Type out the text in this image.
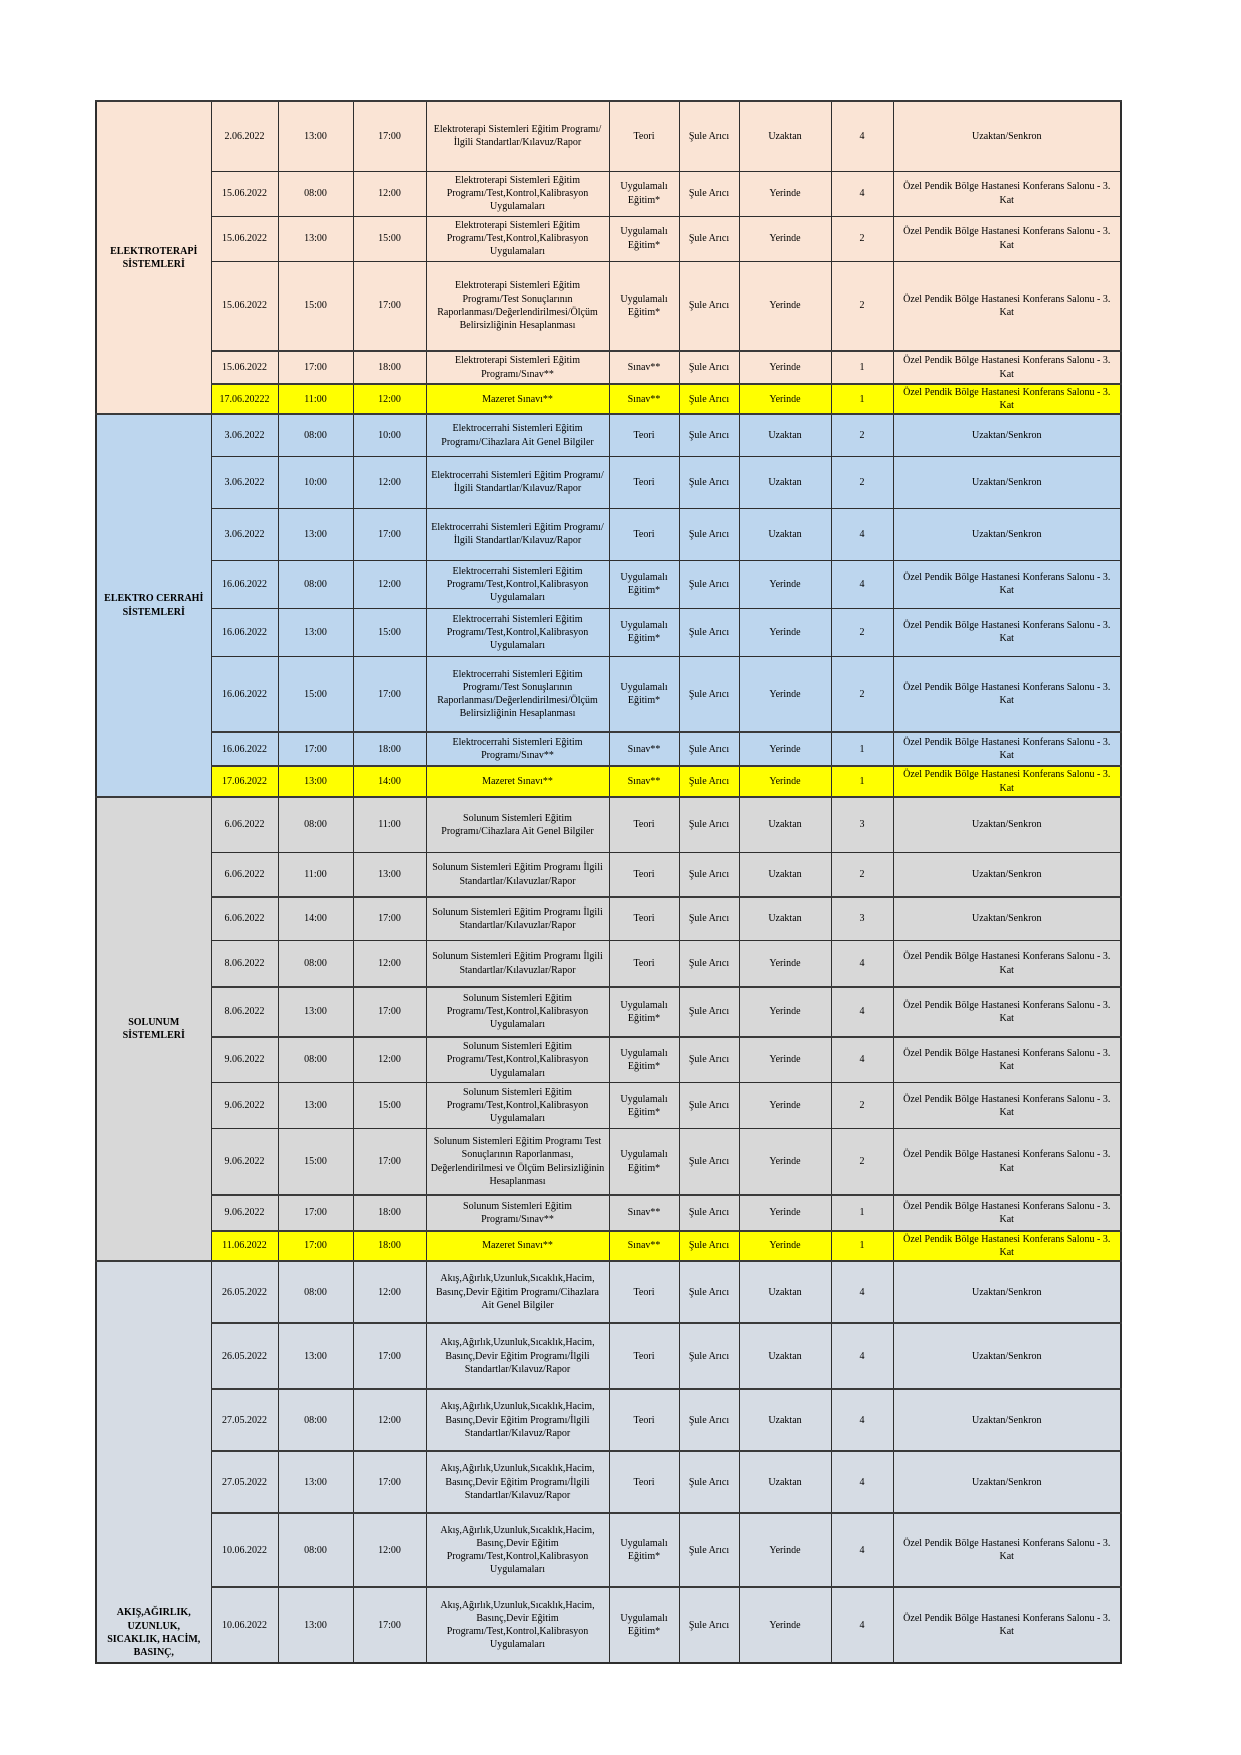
ELEKTROTERAPİ SİSTEMLERİ	2.06.2022	13:00	17:00	Elektroterapi Sistemleri Eğitim Programı/İlgili Standartlar/Kılavuz/Rapor	Teori	Şule Arıcı	Uzaktan	4	Uzaktan/Senkron
	15.06.2022	08:00	12:00	Elektroterapi Sistemleri Eğitim Programı/Test,Kontrol,Kalibrasyon Uygulamaları	Uygulamalı Eğitim*	Şule Arıcı	Yerinde	4	Özel Pendik Bölge Hastanesi Konferans Salonu - 3. Kat
	15.06.2022	13:00	15:00	Elektroterapi Sistemleri Eğitim Programı/Test,Kontrol,Kalibrasyon Uygulamaları	Uygulamalı Eğitim*	Şule Arıcı	Yerinde	2	Özel Pendik Bölge Hastanesi Konferans Salonu - 3. Kat
	15.06.2022	15:00	17:00	Elektroterapi Sistemleri Eğitim Programı/Test Sonuçlarının Raporlanması/Değerlendirilmesi/Ölçüm Belirsizliğinin Hesaplanması	Uygulamalı Eğitim*	Şule Arıcı	Yerinde	2	Özel Pendik Bölge Hastanesi Konferans Salonu - 3. Kat
	15.06.2022	17:00	18:00	Elektroterapi Sistemleri Eğitim Programı/Sınav**	Sınav**	Şule Arıcı	Yerinde	1	Özel Pendik Bölge Hastanesi Konferans Salonu - 3. Kat
	17.06.20222	11:00	12:00	Mazeret Sınavı**	Sınav**	Şule Arıcı	Yerinde	1	Özel Pendik Bölge Hastanesi Konferans Salonu - 3. Kat
ELEKTRO CERRAHİ SİSTEMLERİ	3.06.2022	08:00	10:00	Elektrocerrahi Sistemleri Eğitim Programı/Cihazlara Ait Genel Bilgiler	Teori	Şule Arıcı	Uzaktan	2	Uzaktan/Senkron
	3.06.2022	10:00	12:00	Elektrocerrahi Sistemleri Eğitim Programı/İlgili Standartlar/Kılavuz/Rapor	Teori	Şule Arıcı	Uzaktan	2	Uzaktan/Senkron
	3.06.2022	13:00	17:00	Elektrocerrahi Sistemleri Eğitim Programı/İlgili Standartlar/Kılavuz/Rapor	Teori	Şule Arıcı	Uzaktan	4	Uzaktan/Senkron
	16.06.2022	08:00	12:00	Elektrocerrahi Sistemleri Eğitim Programı/Test,Kontrol,Kalibrasyon Uygulamaları	Uygulamalı Eğitim*	Şule Arıcı	Yerinde	4	Özel Pendik Bölge Hastanesi Konferans Salonu - 3. Kat
	16.06.2022	13:00	15:00	Elektrocerrahi Sistemleri Eğitim Programı/Test,Kontrol,Kalibrasyon Uygulamaları	Uygulamalı Eğitim*	Şule Arıcı	Yerinde	2	Özel Pendik Bölge Hastanesi Konferans Salonu - 3. Kat
	16.06.2022	15:00	17:00	Elektrocerrahi Sistemleri Eğitim Programı/Test Sonuşlarının Raporlanması/Değerlendirilmesi/Ölçüm Belirsizliğinin Hesaplanması	Uygulamalı Eğitim*	Şule Arıcı	Yerinde	2	Özel Pendik Bölge Hastanesi Konferans Salonu - 3. Kat
	16.06.2022	17:00	18:00	Elektrocerrahi Sistemleri Eğitim Programı/Sınav**	Sınav**	Şule Arıcı	Yerinde	1	Özel Pendik Bölge Hastanesi Konferans Salonu - 3. Kat
	17.06.2022	13:00	14:00	Mazeret Sınavı**	Sınav**	Şule Arıcı	Yerinde	1	Özel Pendik Bölge Hastanesi Konferans Salonu - 3. Kat
SOLUNUM SİSTEMLERİ	6.06.2022	08:00	11:00	Solunum Sistemleri Eğitim Programı/Cihazlara Ait Genel Bilgiler	Teori	Şule Arıcı	Uzaktan	3	Uzaktan/Senkron
	6.06.2022	11:00	13:00	Solunum Sistemleri Eğitim Programı İlgili Standartlar/Kılavuzlar/Rapor	Teori	Şule Arıcı	Uzaktan	2	Uzaktan/Senkron
	6.06.2022	14:00	17:00	Solunum Sistemleri Eğitim Programı İlgili Standartlar/Kılavuzlar/Rapor	Teori	Şule Arıcı	Uzaktan	3	Uzaktan/Senkron
	8.06.2022	08:00	12:00	Solunum Sistemleri Eğitim Programı İlgili Standartlar/Kılavuzlar/Rapor	Teori	Şule Arıcı	Yerinde	4	Özel Pendik Bölge Hastanesi Konferans Salonu - 3. Kat
	8.06.2022	13:00	17:00	Solunum Sistemleri Eğitim Programı/Test,Kontrol,Kalibrasyon Uygulamaları	Uygulamalı Eğitim*	Şule Arıcı	Yerinde	4	Özel Pendik Bölge Hastanesi Konferans Salonu - 3. Kat
	9.06.2022	08:00	12:00	Solunum Sistemleri Eğitim Programı/Test,Kontrol,Kalibrasyon Uygulamaları	Uygulamalı Eğitim*	Şule Arıcı	Yerinde	4	Özel Pendik Bölge Hastanesi Konferans Salonu - 3. Kat
	9.06.2022	13:00	15:00	Solunum Sistemleri Eğitim Programı/Test,Kontrol,Kalibrasyon Uygulamaları	Uygulamalı Eğitim*	Şule Arıcı	Yerinde	2	Özel Pendik Bölge Hastanesi Konferans Salonu - 3. Kat
	9.06.2022	15:00	17:00	Solunum Sistemleri Eğitim Programı Test Sonuçlarının Raporlanması, Değerlendirilmesi ve Ölçüm Belirsizliğinin Hesaplanması	Uygulamalı Eğitim*	Şule Arıcı	Yerinde	2	Özel Pendik Bölge Hastanesi Konferans Salonu - 3. Kat
	9.06.2022	17:00	18:00	Solunum Sistemleri Eğitim Programı/Sınav**	Sınav**	Şule Arıcı	Yerinde	1	Özel Pendik Bölge Hastanesi Konferans Salonu - 3. Kat
	11.06.2022	17:00	18:00	Mazeret Sınavı**	Sınav**	Şule Arıcı	Yerinde	1	Özel Pendik Bölge Hastanesi Konferans Salonu - 3. Kat
AKIŞ,AĞIRLIK, UZUNLUK, SICAKLIK, HACİM, BASINÇ,	26.05.2022	08:00	12:00	Akış,Ağırlık,Uzunluk,Sıcaklık,Hacim, Basınç,Devir Eğitim Programı/Cihazlara Ait Genel Bilgiler	Teori	Şule Arıcı	Uzaktan	4	Uzaktan/Senkron
	26.05.2022	13:00	17:00	Akış,Ağırlık,Uzunluk,Sıcaklık,Hacim, Basınç,Devir Eğitim Programı/İlgili Standartlar/Kılavuz/Rapor	Teori	Şule Arıcı	Uzaktan	4	Uzaktan/Senkron
	27.05.2022	08:00	12:00	Akış,Ağırlık,Uzunluk,Sıcaklık,Hacim, Basınç,Devir Eğitim Programı/İlgili Standartlar/Kılavuz/Rapor	Teori	Şule Arıcı	Uzaktan	4	Uzaktan/Senkron
	27.05.2022	13:00	17:00	Akış,Ağırlık,Uzunluk,Sıcaklık,Hacim, Basınç,Devir Eğitim Programı/İlgili Standartlar/Kılavuz/Rapor	Teori	Şule Arıcı	Uzaktan	4	Uzaktan/Senkron
	10.06.2022	08:00	12:00	Akış,Ağırlık,Uzunluk,Sıcaklık,Hacim, Basınç,Devir Eğitim Programı/Test,Kontrol,Kalibrasyon Uygulamaları	Uygulamalı Eğitim*	Şule Arıcı	Yerinde	4	Özel Pendik Bölge Hastanesi Konferans Salonu - 3. Kat
	10.06.2022	13:00	17:00	Akış,Ağırlık,Uzunluk,Sıcaklık,Hacim, Basınç,Devir Eğitim Programı/Test,Kontrol,Kalibrasyon Uygulamaları	Uygulamalı Eğitim*	Şule Arıcı	Yerinde	4	Özel Pendik Bölge Hastanesi Konferans Salonu - 3. Kat
